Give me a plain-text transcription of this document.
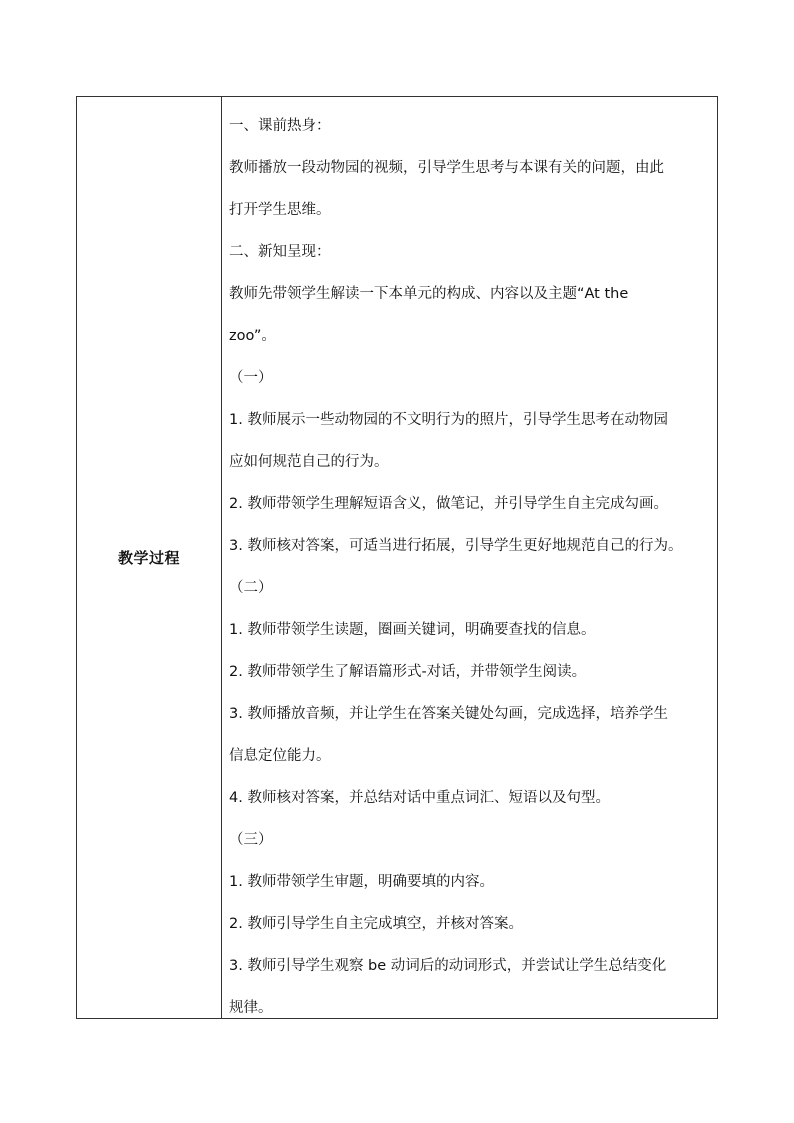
教学过程
一、课前热身：
教师播放一段动物园的视频，引导学生思考与本课有关的问题，由此
打开学生思维。
二、新知呈现：
教师先带领学生解读一下本单元的构成、内容以及主题“At the
zoo”。
（一）
1. 教师展示一些动物园的不文明行为的照片，引导学生思考在动物园
应如何规范自己的行为。
2. 教师带领学生理解短语含义，做笔记，并引导学生自主完成勾画。
3. 教师核对答案，可适当进行拓展，引导学生更好地规范自己的行为。
（二）
1. 教师带领学生读题，圈画关键词，明确要查找的信息。
2. 教师带领学生了解语篇形式-对话，并带领学生阅读。
3. 教师播放音频，并让学生在答案关键处勾画，完成选择，培养学生
信息定位能力。
4. 教师核对答案，并总结对话中重点词汇、短语以及句型。
（三）
1. 教师带领学生审题，明确要填的内容。
2. 教师引导学生自主完成填空，并核对答案。
3. 教师引导学生观察 be 动词后的动词形式，并尝试让学生总结变化
规律。
